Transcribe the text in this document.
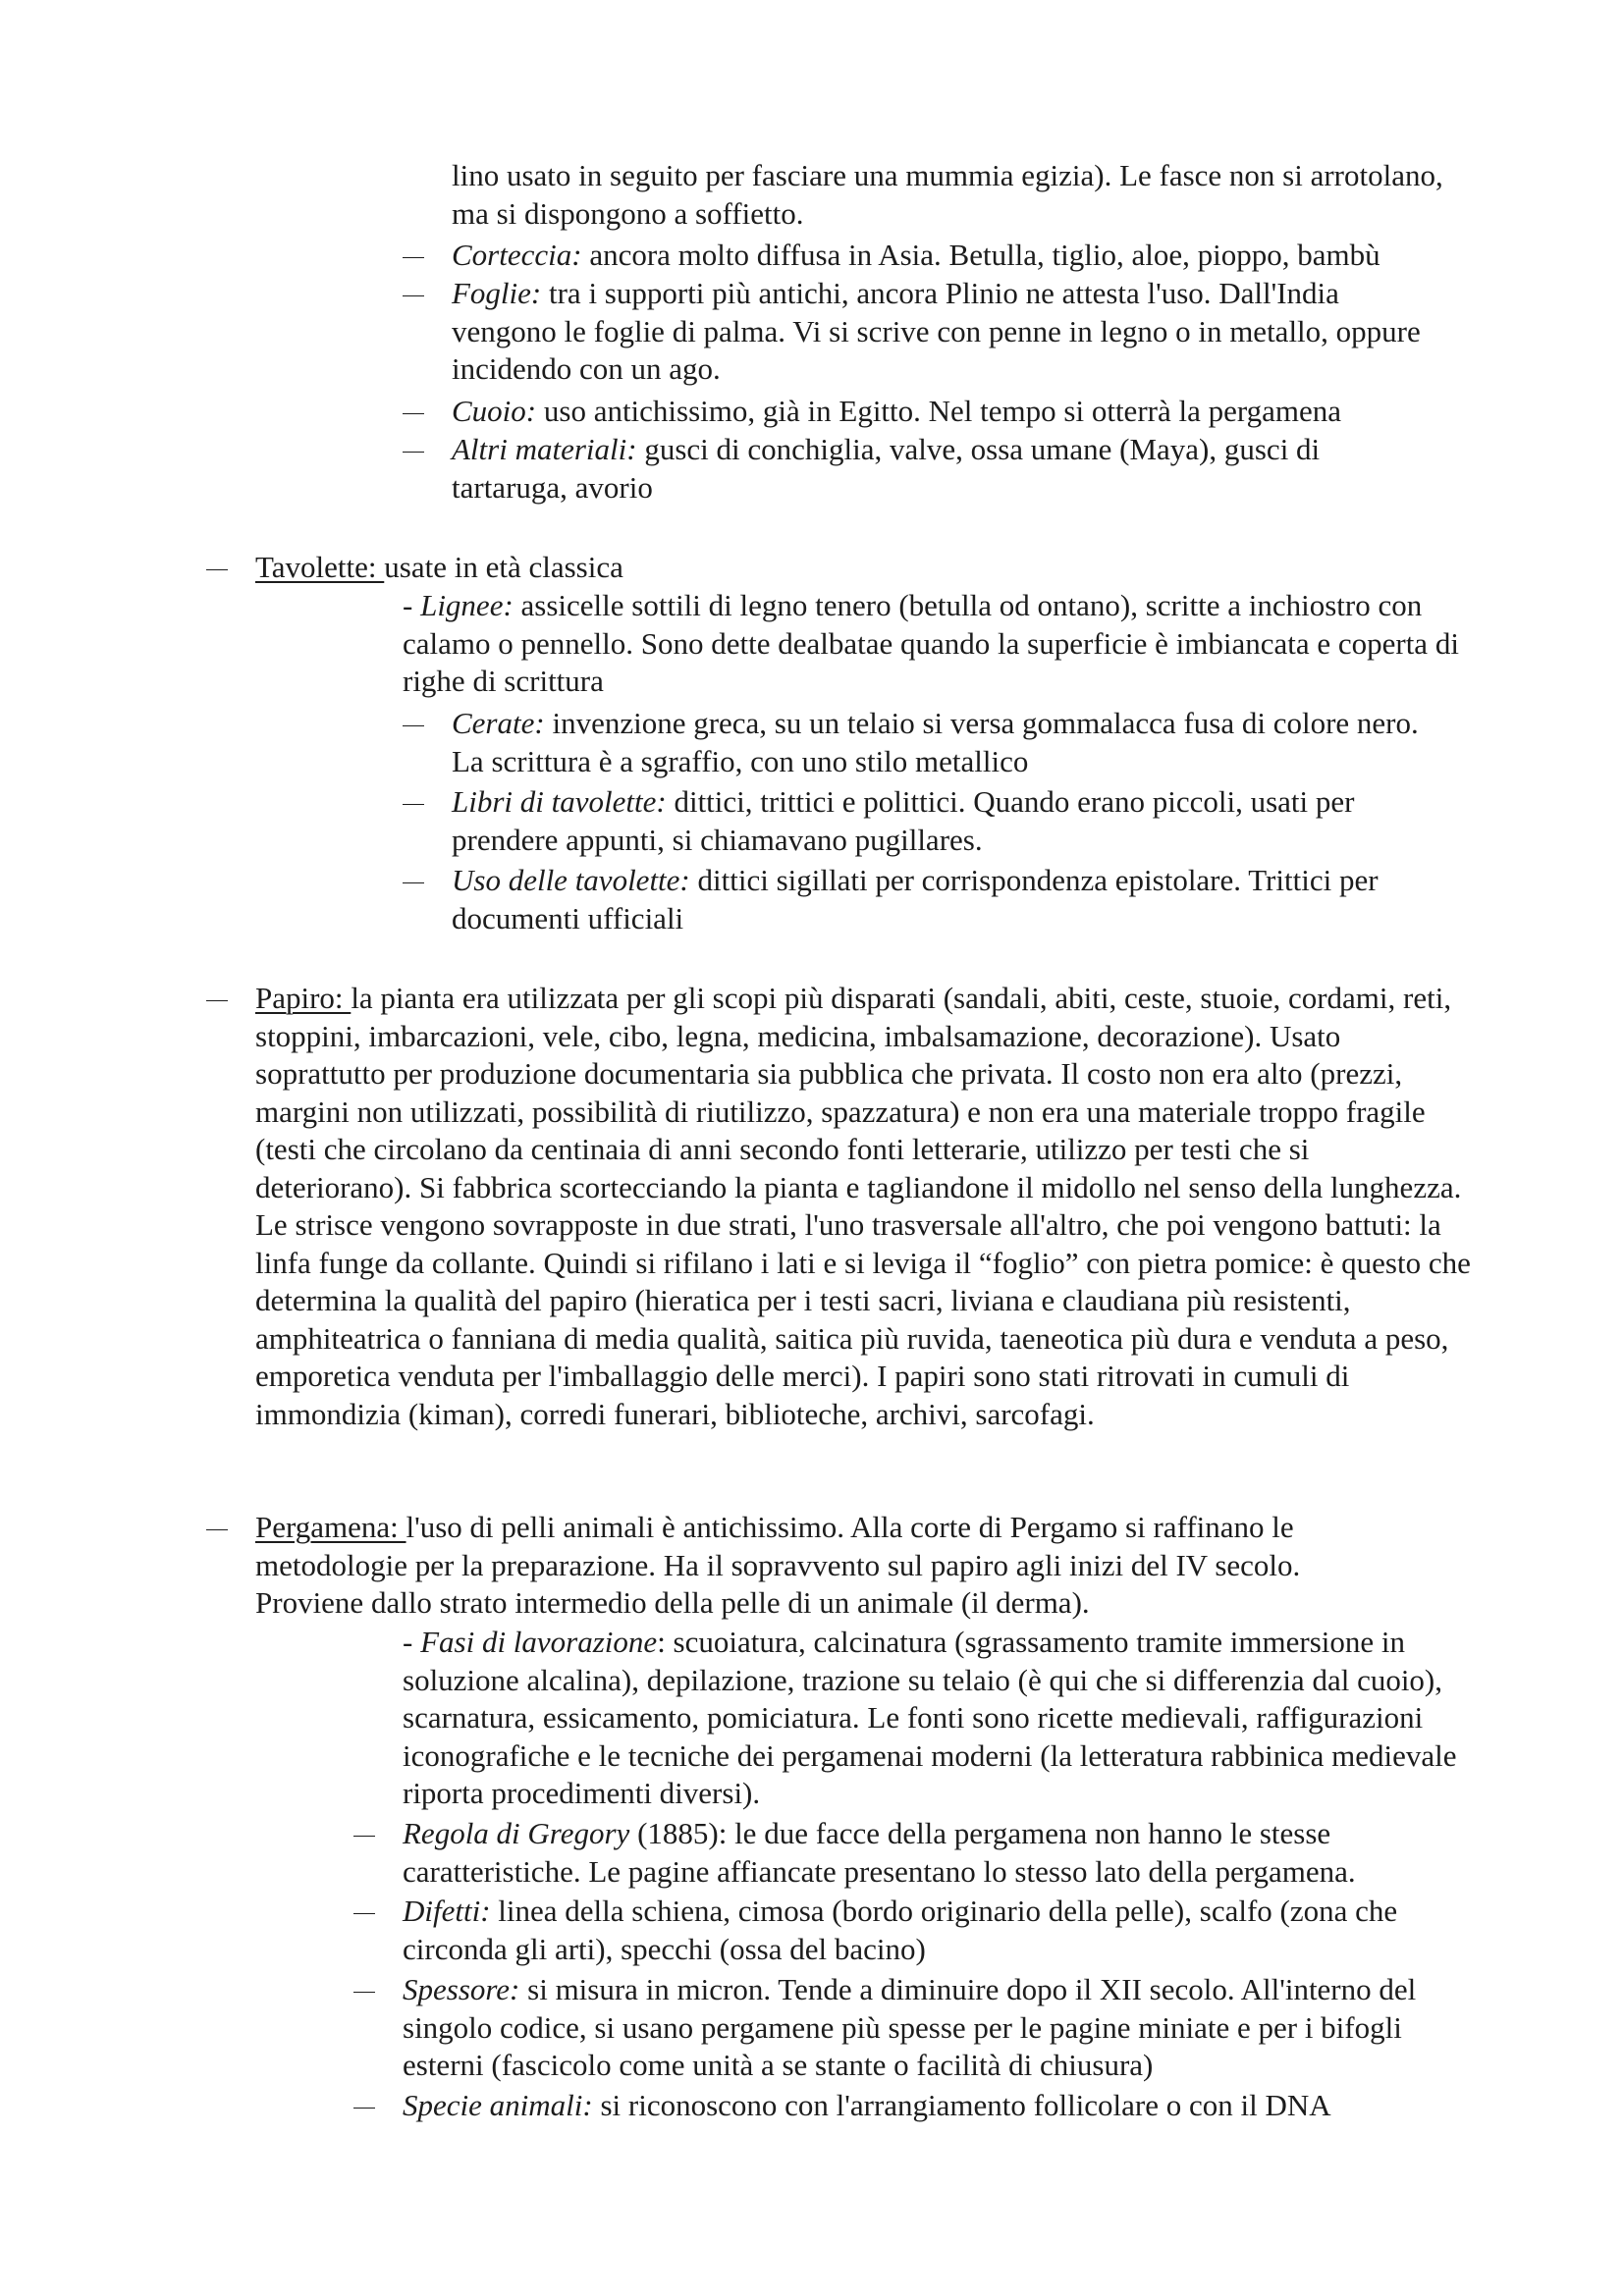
lino usato in seguito per fasciare una mummia egizia). Le fasce non si arrotolano, ma si dispongono a soffietto.

Corteccia: ancora molto diffusa in Asia. Betulla, tiglio, aloe, pioppo, bambù
Foglie: tra i supporti più antichi, ancora Plinio ne attesta l'uso. Dall'India vengono le foglie di palma. Vi si scrive con penne in legno o in metallo, oppure incidendo con un ago.
Cuoio: uso antichissimo, già in Egitto. Nel tempo si otterrà la pergamena
Altri materiali: gusci di conchiglia, valve, ossa umane (Maya), gusci di tartaruga, avorio
Tavolette: usate in età classica
- Lignee: assicelle sottili di legno tenero (betulla od ontano), scritte a inchiostro con calamo o pennello. Sono dette dealbatae quando la superficie è imbiancata e coperta di righe di scrittura
Cerate: invenzione greca, su un telaio si versa gommalacca fusa di colore nero. La scrittura è a sgraffio, con uno stilo metallico
Libri di tavolette: dittici, trittici e polittici. Quando erano piccoli, usati per prendere appunti, si chiamavano pugillares.
Uso delle tavolette: dittici sigillati per corrispondenza epistolare. Trittici per documenti ufficiali
Papiro: la pianta era utilizzata per gli scopi più disparati (sandali, abiti, ceste, stuoie, cordami, reti, stoppini, imbarcazioni, vele, cibo, legna, medicina, imbalsamazione, decorazione). Usato soprattutto per produzione documentaria sia pubblica che privata. Il costo non era alto (prezzi, margini non utilizzati, possibilità di riutilizzo, spazzatura) e non era una materiale troppo fragile (testi che circolano da centinaia di anni secondo fonti letterarie, utilizzo per testi che si deteriorano). Si fabbrica scortecciando la pianta e tagliandone il midollo nel senso della lunghezza. Le strisce vengono sovrapposte in due strati, l'uno trasversale all'altro, che poi vengono battuti: la linfa funge da collante. Quindi si rifilano i lati e si leviga il “foglio” con pietra pomice: è questo che determina la qualità del papiro (hieratica per i testi sacri, liviana e claudiana più resistenti, amphiteatrica o fanniana di media qualità, saitica più ruvida, taeneotica più dura e venduta a peso, emporetica venduta per l'imballaggio delle merci). I papiri sono stati ritrovati in cumuli di immondizia (kiman), corredi funerari, biblioteche, archivi, sarcofagi.
Pergamena: l'uso di pelli animali è antichissimo. Alla corte di Pergamo si raffinano le metodologie per la preparazione. Ha il sopravvento sul papiro agli inizi del IV secolo. Proviene dallo strato intermedio della pelle di un animale (il derma).
- Fasi di lavorazione: scuoiatura, calcinatura (sgrassamento tramite immersione in soluzione alcalina), depilazione, trazione su telaio (è qui che si differenzia dal cuoio), scarnatura, essicamento, pomiciatura. Le fonti sono ricette medievali, raffigurazioni iconografiche e le tecniche dei pergamenai moderni (la letteratura rabbinica medievale riporta procedimenti diversi).
Regola di Gregory (1885): le due facce della pergamena non hanno le stesse caratteristiche. Le pagine affiancate presentano lo stesso lato della pergamena.
Difetti: linea della schiena, cimosa (bordo originario della pelle), scalfo (zona che circonda gli arti), specchi (ossa del bacino)
Spessore: si misura in micron. Tende a diminuire dopo il XII secolo. All'interno del singolo codice, si usano pergamene più spesse per le pagine miniate e per i bifogli esterni (fascicolo come unità a se stante o facilità di chiusura)
Specie animali: si riconoscono con l'arrangiamento follicolare o con il DNA
